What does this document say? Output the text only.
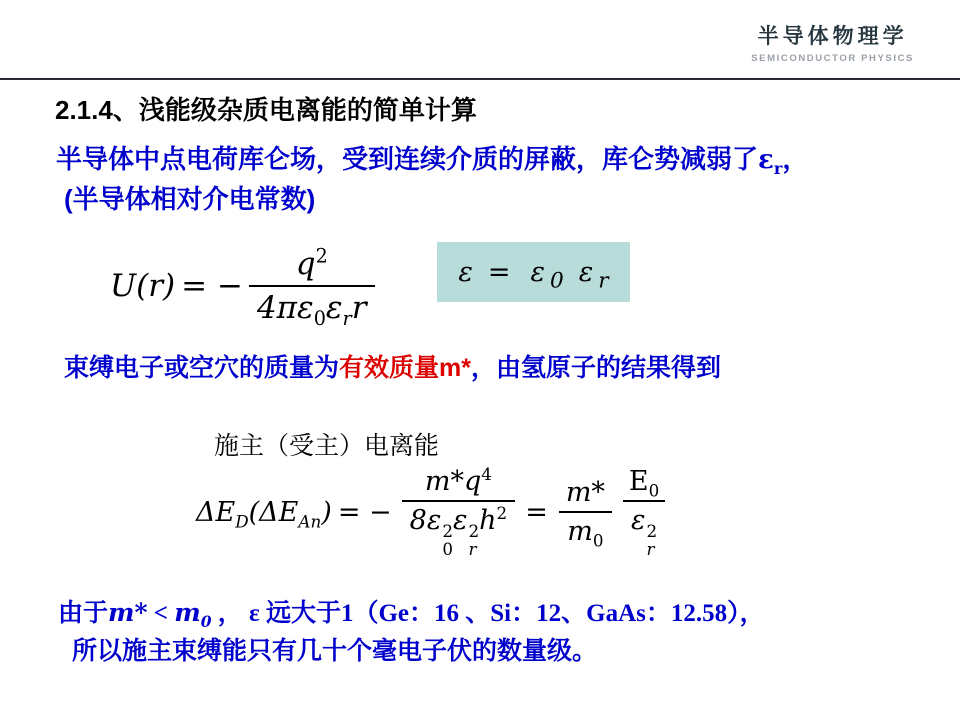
半导体物理学
SEMICONDUCTOR PHYSICS
2.1.4、浅能级杂质电离能的简单计算

半导体中点电荷库仑场，受到连续介质的屏蔽，库仑势减弱了$\varepsilon_r$，
(半导体相对介电常数)

U(r) = − $\frac{q^2}{4\pi\varepsilon_0\varepsilon_rr}$	ε = ε $_0$ ε $_r$

束缚电子或空穴的质量为有效质量m*，由氢原子的结果得到

施主（受主）电离能

$\Delta E_D(\Delta E_{An})$ = − $m*q^4$
8ε 2
0
ε 2
r
$h^2 = \frac{m*}{m_0} E_0$
ε 2
r

由于$m* < m_0$ ， ε 远大于1（Ge：16 、Si：12、GaAs：12.58），
所以施主束缚能只有几十个毫电子伏的数量级。
